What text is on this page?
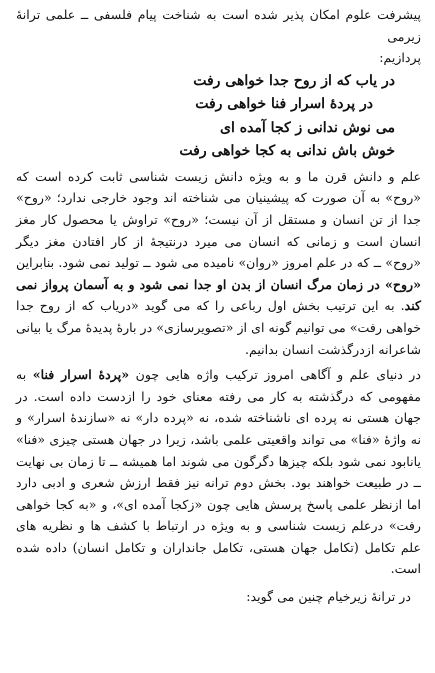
پیشرفت علوم امکان پذیر شده است به شناخت پیام فلسفی ــ علمی ترانهٔ زیرمی
پردازیم:

در یاب که از روح جدا خواهی رفت
در پردهٔ اسرار فنا خواهی رفت
می نوش ندانی ز کجا آمده ای
خوش باش ندانی به کجا خواهی رفت

علم و دانش قرن ما و به ویژه دانش زیست شناسی ثابت کرده است که «روح» به آن صورت که پیشینیان می شناخته اند وجود خارجی ندارد؛ «روح» جدا از تن انسان و مستقل از آن نیست؛ «روح» تراوش یا محصول کار مغز انسان است و زمانی که انسان می میرد درنتیجهٔ از کار افتادن مغز دیگر «روح» ــ که در علم امروز «روان» نامیده می شود ــ تولید نمی شود. بنابراین «روح» در زمان مرگ انسان از بدن او جدا نمی شود و به آسمان پرواز نمی کند. به این ترتیب بخش اول رباعی را که می گوید «دریاب که از روح جدا خواهی رفت» می توانیم گونه ای از «تصویرسازی» در بارهٔ پدیدهٔ مرگ یا بیانی شاعرانه ازدرگذشت انسان بدانیم.

در دنیای علم و آگاهی امروز ترکیب واژه هایی چون «پردهٔ اسرار فنا» به مفهومی که درگذشته به کار می رفته معنای خود را ازدست داده است. در جهان هستی نه پرده ای ناشناخته شده، نه «پرده دار» نه «سازندهٔ اسرار» و نه واژهٔ «فنا» می تواند واقعیتی علمی باشد، زیرا در جهان هستی چیزی «فنا» یانابود نمی شود بلکه چیزها دگرگون می شوند اما همیشه ــ تا زمان بی نهایت ــ در طبیعت خواهند بود. بخش دوم ترانه نیز فقط ارزش شعری و ادبی دارد اما ازنظر علمی پاسخ پرسش هایی چون «زکجا آمده ای»، و «به کجا خواهی رفت» درعلم زیست شناسی و به ویژه در ارتباط با کشف ها و نظریه های علم تکامل (تکامل جهان هستی، تکامل جانداران و تکامل انسان) داده شده است.

در ترانهٔ زیرخیام چنین می گوید:
